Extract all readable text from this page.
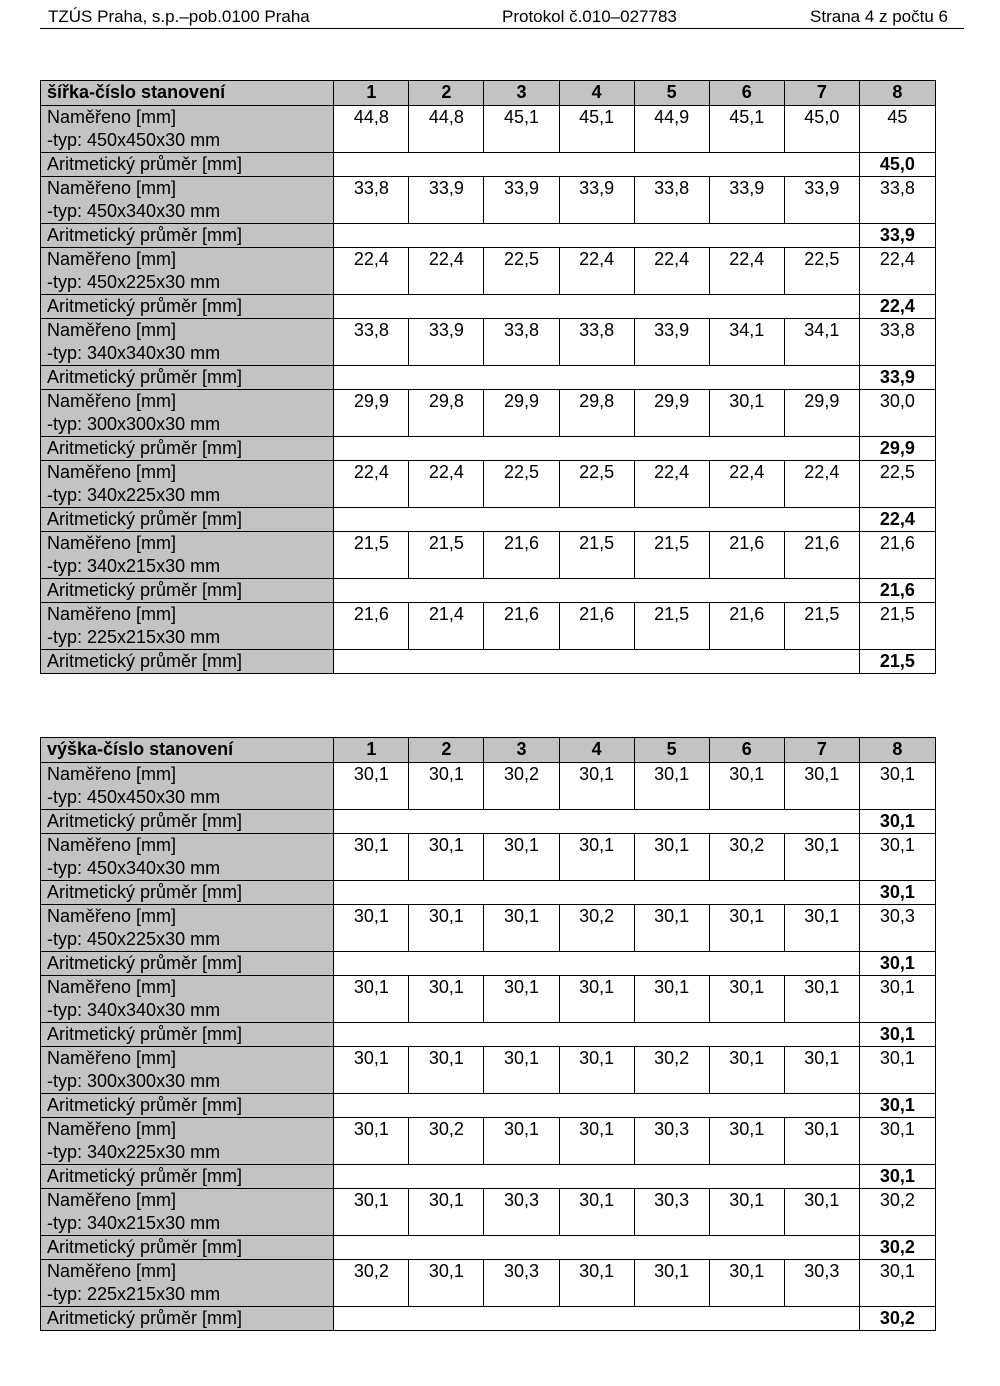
TZÚS Praha, s.p.–pob.0100 Praha	Protokol č.010–027783	Strana 4 z počtu 6
šířka-číslo stanovení	1	2	3	4	5	6	7	8

Naměřeno [mm]
-typ: 450x450x30 mm	44,8	44,8	45,1	45,1	44,9	45,1	45,0	45
Aritmetický průměr [mm]								45,0

Naměřeno [mm]
-typ: 450x340x30 mm	33,8	33,9	33,9	33,9	33,8	33,9	33,9	33,8
Aritmetický průměr [mm]								33,9

Naměřeno [mm]
-typ: 450x225x30 mm	22,4	22,4	22,5	22,4	22,4	22,4	22,5	22,4
Aritmetický průměr [mm]								22,4

Naměřeno [mm]
-typ: 340x340x30 mm	33,8	33,9	33,8	33,8	33,9	34,1	34,1	33,8
Aritmetický průměr [mm]								33,9

Naměřeno [mm]
-typ: 300x300x30 mm	29,9	29,8	29,9	29,8	29,9	30,1	29,9	30,0
Aritmetický průměr [mm]								29,9

Naměřeno [mm]
-typ: 340x225x30 mm	22,4	22,4	22,5	22,5	22,4	22,4	22,4	22,5
Aritmetický průměr [mm]								22,4

Naměřeno [mm]
-typ: 340x215x30 mm	21,5	21,5	21,6	21,5	21,5	21,6	21,6	21,6
Aritmetický průměr [mm]								21,6

Naměřeno [mm]
-typ: 225x215x30 mm	21,6	21,4	21,6	21,6	21,5	21,6	21,5	21,5
Aritmetický průměr [mm]								21,5
výška-číslo stanovení	1	2	3	4	5	6	7	8

Naměřeno [mm]
-typ: 450x450x30 mm	30,1	30,1	30,2	30,1	30,1	30,1	30,1	30,1
Aritmetický průměr [mm]								30,1

Naměřeno [mm]
-typ: 450x340x30 mm	30,1	30,1	30,1	30,1	30,1	30,2	30,1	30,1
Aritmetický průměr [mm]								30,1

Naměřeno [mm]
-typ: 450x225x30 mm	30,1	30,1	30,1	30,2	30,1	30,1	30,1	30,3
Aritmetický průměr [mm]								30,1

Naměřeno [mm]
-typ: 340x340x30 mm	30,1	30,1	30,1	30,1	30,1	30,1	30,1	30,1
Aritmetický průměr [mm]								30,1

Naměřeno [mm]
-typ: 300x300x30 mm	30,1	30,1	30,1	30,1	30,2	30,1	30,1	30,1
Aritmetický průměr [mm]								30,1

Naměřeno [mm]
-typ: 340x225x30 mm	30,1	30,2	30,1	30,1	30,3	30,1	30,1	30,1
Aritmetický průměr [mm]								30,1

Naměřeno [mm]
-typ: 340x215x30 mm	30,1	30,1	30,3	30,1	30,3	30,1	30,1	30,2
Aritmetický průměr [mm]								30,2

Naměřeno [mm]
-typ: 225x215x30 mm	30,2	30,1	30,3	30,1	30,1	30,1	30,3	30,1
Aritmetický průměr [mm]								30,2
